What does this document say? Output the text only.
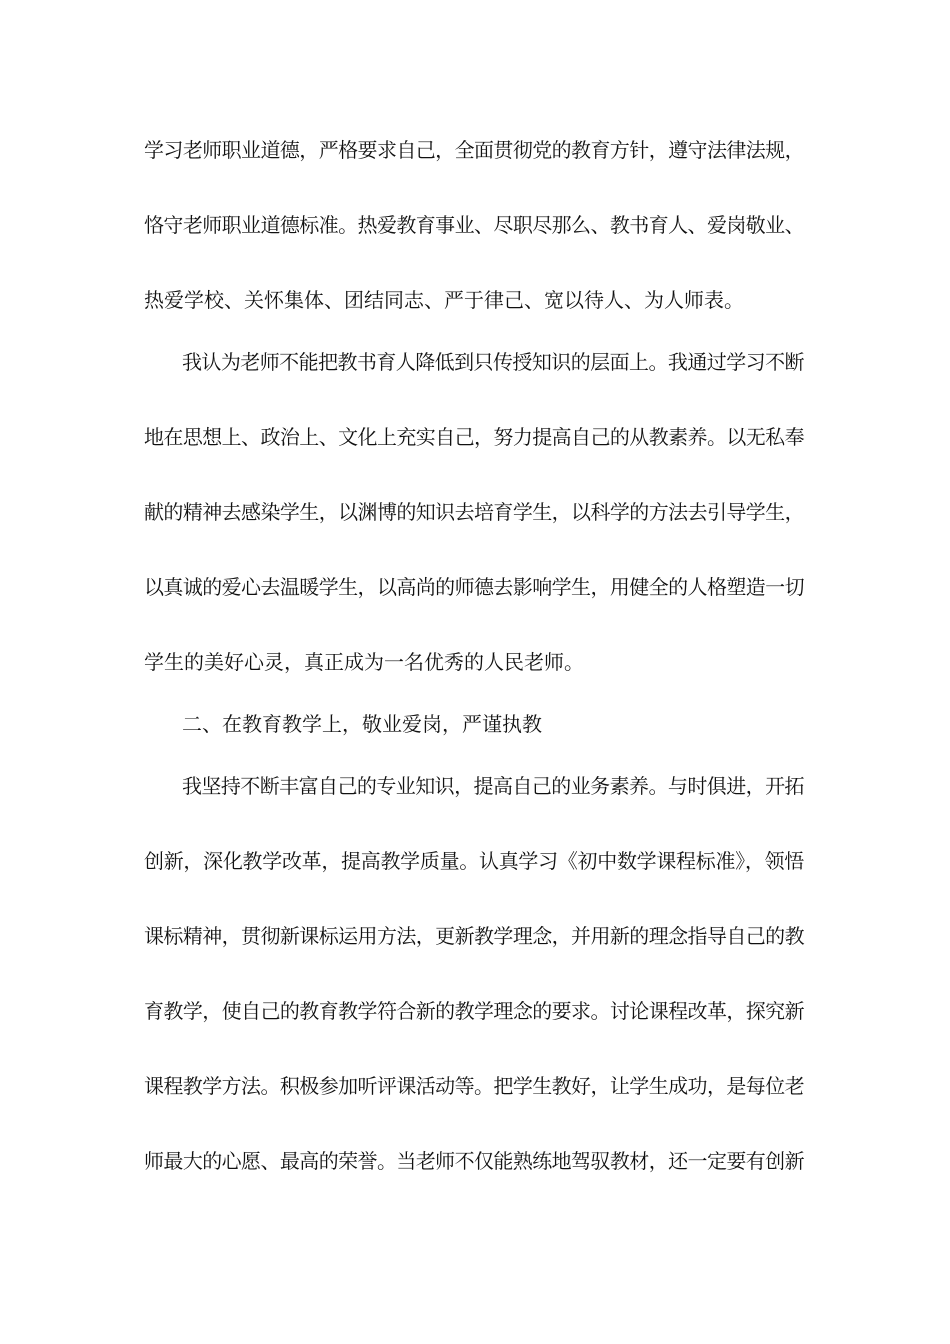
学习老师职业道德，严格要求自己，全面贯彻党的教育方针，遵守法律法规，
恪守老师职业道德标准。热爱教育事业、尽职尽那么、教书育人、爱岗敬业、
热爱学校、关怀集体、团结同志、严于律己、宽以待人、为人师表。
我认为老师不能把教书育人降低到只传授知识的层面上。我通过学习不断
地在思想上、政治上、文化上充实自己，努力提高自己的从教素养。以无私奉
献的精神去感染学生，以渊博的知识去培育学生，以科学的方法去引导学生，
以真诚的爱心去温暖学生，以高尚的师德去影响学生，用健全的人格塑造一切
学生的美好心灵，真正成为一名优秀的人民老师。
二、在教育教学上，敬业爱岗，严谨执教
我坚持不断丰富自己的专业知识，提高自己的业务素养。与时俱进，开拓
创新，深化教学改革，提高教学质量。认真学习《初中数学课程标准》，领悟
课标精神，贯彻新课标运用方法，更新教学理念，并用新的理念指导自己的教
育教学，使自己的教育教学符合新的教学理念的要求。讨论课程改革，探究新
课程教学方法。积极参加听评课活动等。把学生教好，让学生成功，是每位老
师最大的心愿、最高的荣誉。当老师不仅能熟练地驾驭教材，还一定要有创新
